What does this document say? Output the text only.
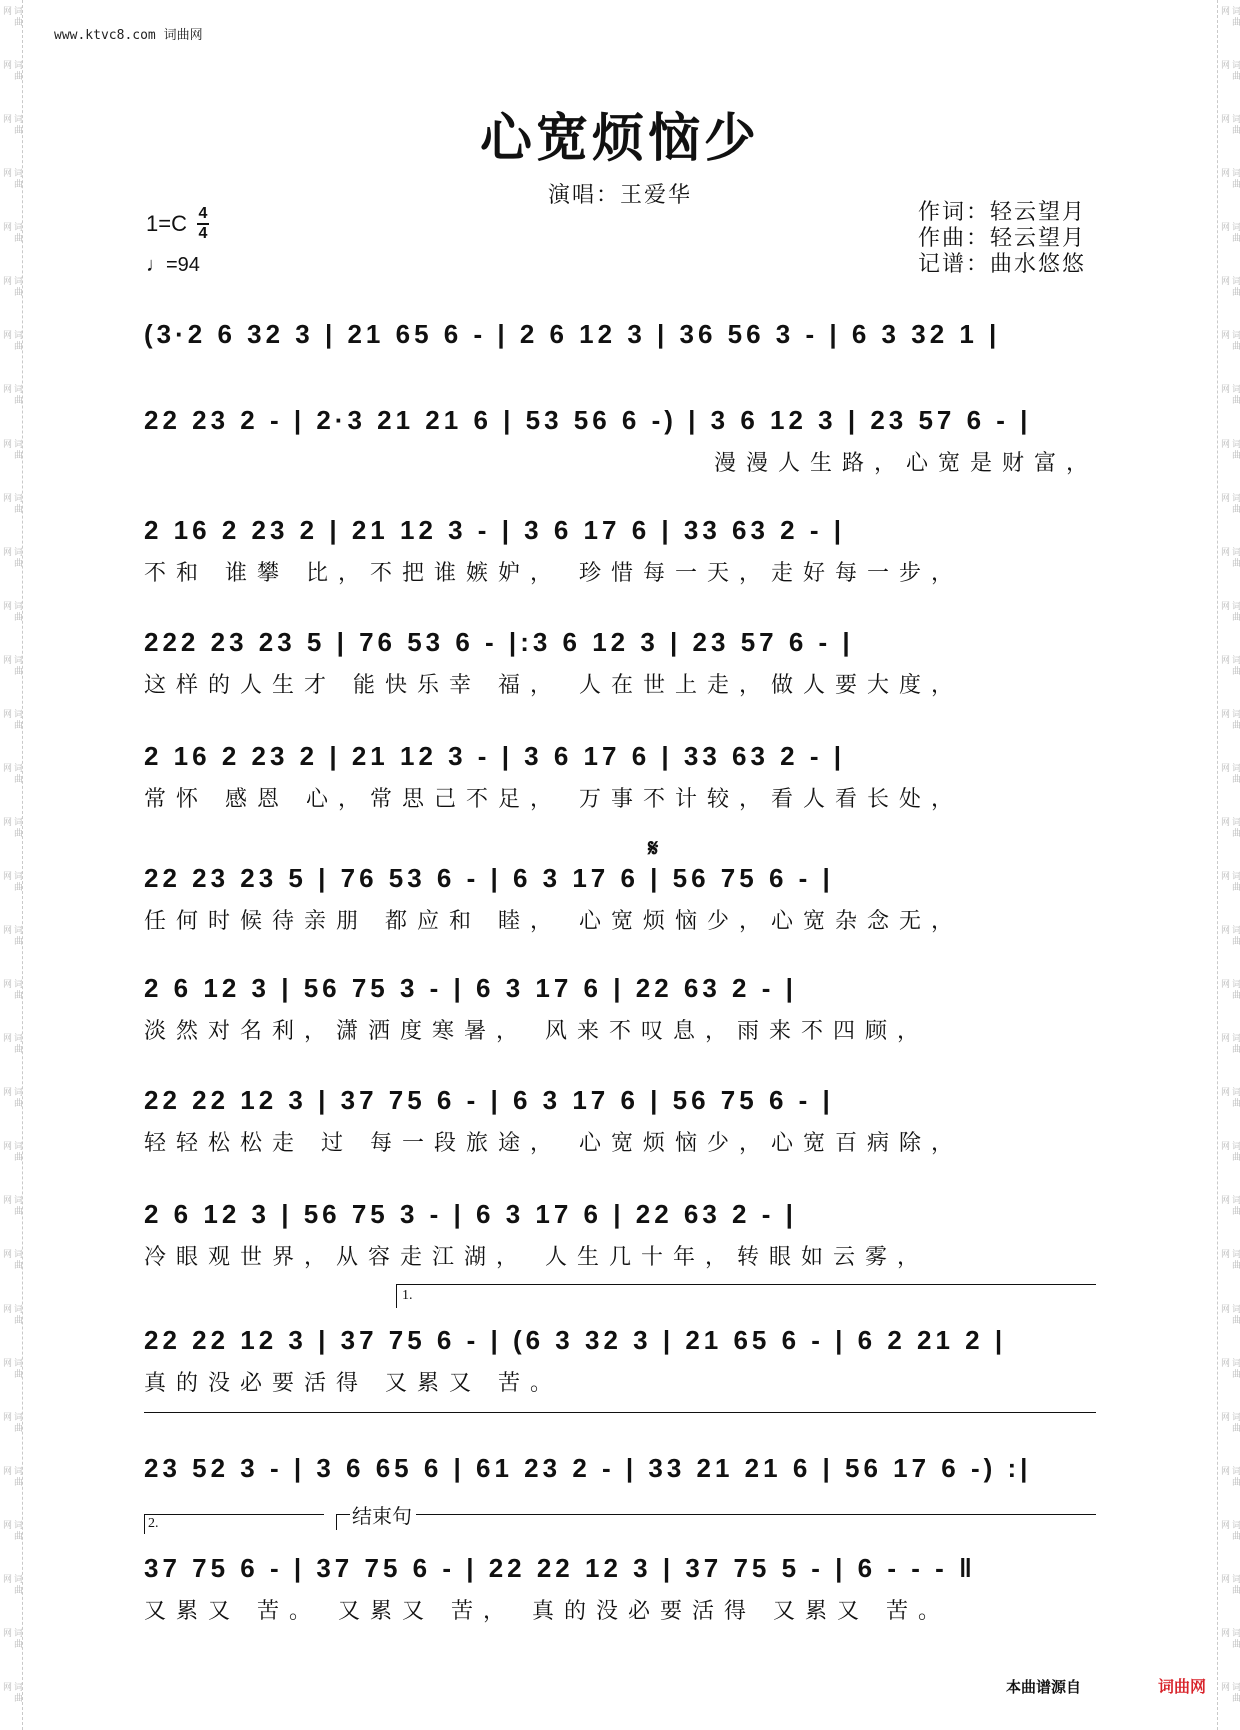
词曲网
词曲网
词曲网
词曲网
词曲网
词曲网
词曲网
词曲网
词曲网
词曲网
词曲网
词曲网
词曲网
词曲网
词曲网
词曲网
词曲网
词曲网
词曲网
词曲网
词曲网
词曲网
词曲网
词曲网
词曲网
词曲网
词曲网
词曲网
词曲网
词曲网
词曲网
词曲网
词曲网
词曲网
词曲网
词曲网
词曲网
词曲网
词曲网
词曲网
词曲网
词曲网
词曲网
词曲网
词曲网
词曲网
词曲网
词曲网
词曲网
词曲网
词曲网
词曲网
词曲网
词曲网
词曲网
词曲网
词曲网
词曲网
词曲网
词曲网
词曲网
词曲网
词曲网
词曲网
www.ktvc8.com 词曲网
心宽烦恼少
演唱：王爱华
1=C 4
4
♩=94
作词：轻云望月
作曲：轻云望月
记谱：曲水悠悠
(3·2 6 32 3 | 21 65 6 - | 2 6 12 3 | 36 56 3 - | 6 3 32 1 |
22 23 2 - | 2·3 21 21 6 | 53 56 6 -) | 3 6 12 3 | 23 57 6 - |
漫漫人生路，心宽是财富，
2 16 2 23 2 | 21 12 3 - | 3 6 17 6 | 33 63 2 - |
不和 谁攀 比，不把谁嫉妒， 珍惜每一天，走好每一步，
222 23 23 5 | 76 53 6 - |:3 6 12 3 | 23 57 6 - |
这样的人生才 能快乐幸 福， 人在世上走，做人要大度，
2 16 2 23 2 | 21 12 3 - | 3 6 17 6 | 33 63 2 - |
常怀 感恩 心，常思己不足， 万事不计较，看人看长处，
𝄋
22 23 23 5 | 76 53 6 - | 6 3 17 6 | 56 75 6 - |
任何时候待亲朋 都应和 睦， 心宽烦恼少，心宽杂念无，
2 6 12 3 | 56 75 3 - | 6 3 17 6 | 22 63 2 - |
淡然对名利，潇洒度寒暑， 风来不叹息，雨来不四顾，
22 22 12 3 | 37 75 6 - | 6 3 17 6 | 56 75 6 - |
轻轻松松走 过 每一段旅途， 心宽烦恼少，心宽百病除，
2 6 12 3 | 56 75 3 - | 6 3 17 6 | 22 63 2 - |
冷眼观世界，从容走江湖， 人生几十年，转眼如云雾，
1.
22 22 12 3 | 37 75 6 - | (6 3 32 3 | 21 65 6 - | 6 2 21 2 |
真的没必要活得 又累又 苦。
23 52 3 - | 3 6 65 6 | 61 23 2 - | 33 21 21 6 | 56 17 6 -) :|
2.	结束句
37 75 6 - | 37 75 6 - | 22 22 12 3 | 37 75 5 - | 6 - - - ‖
又累又 苦。 又累又 苦， 真的没必要活得 又累又 苦。
本曲谱源自	词曲网
